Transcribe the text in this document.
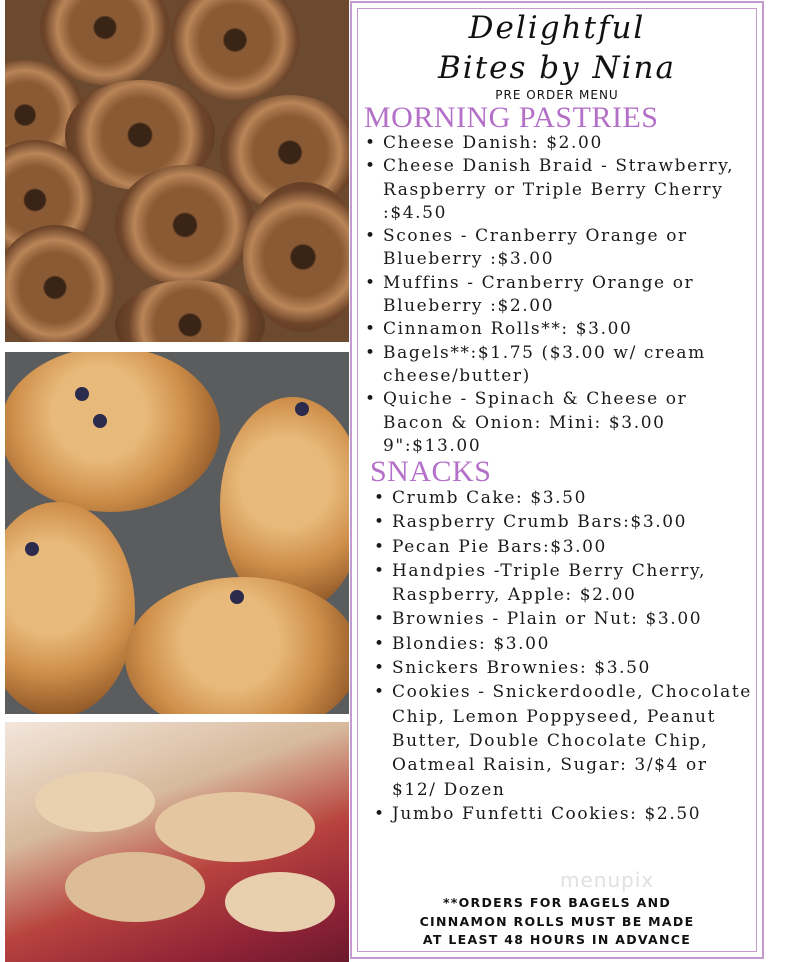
Delightful
Bites by Nina
PRE ORDER MENU
MORNING PASTRIES
• Cheese Danish: $2.00
• Cheese Danish Braid - Strawberry, Raspberry or Triple Berry Cherry :$4.50
• Scones - Cranberry Orange or Blueberry :$3.00
• Muffins - Cranberry Orange or Blueberry :$2.00
• Cinnamon Rolls**: $3.00
• Bagels**:$1.75 ($3.00 w/ cream cheese/butter)
• Quiche - Spinach & Cheese or Bacon & Onion: Mini: $3.00 9":$13.00
SNACKS
• Crumb Cake: $3.50
• Raspberry Crumb Bars:$3.00
• Pecan Pie Bars:$3.00
• Handpies -Triple Berry Cherry, Raspberry, Apple: $2.00
• Brownies - Plain or Nut: $3.00
• Blondies: $3.00
• Snickers Brownies: $3.50
• Cookies - Snickerdoodle, Chocolate Chip, Lemon Poppyseed, Peanut Butter, Double Chocolate Chip, Oatmeal Raisin, Sugar: 3/$4 or $12/ Dozen
• Jumbo Funfetti Cookies: $2.50
menupix
**ORDERS FOR BAGELS AND
CINNAMON ROLLS MUST BE MADE
AT LEAST 48 HOURS IN ADVANCE
